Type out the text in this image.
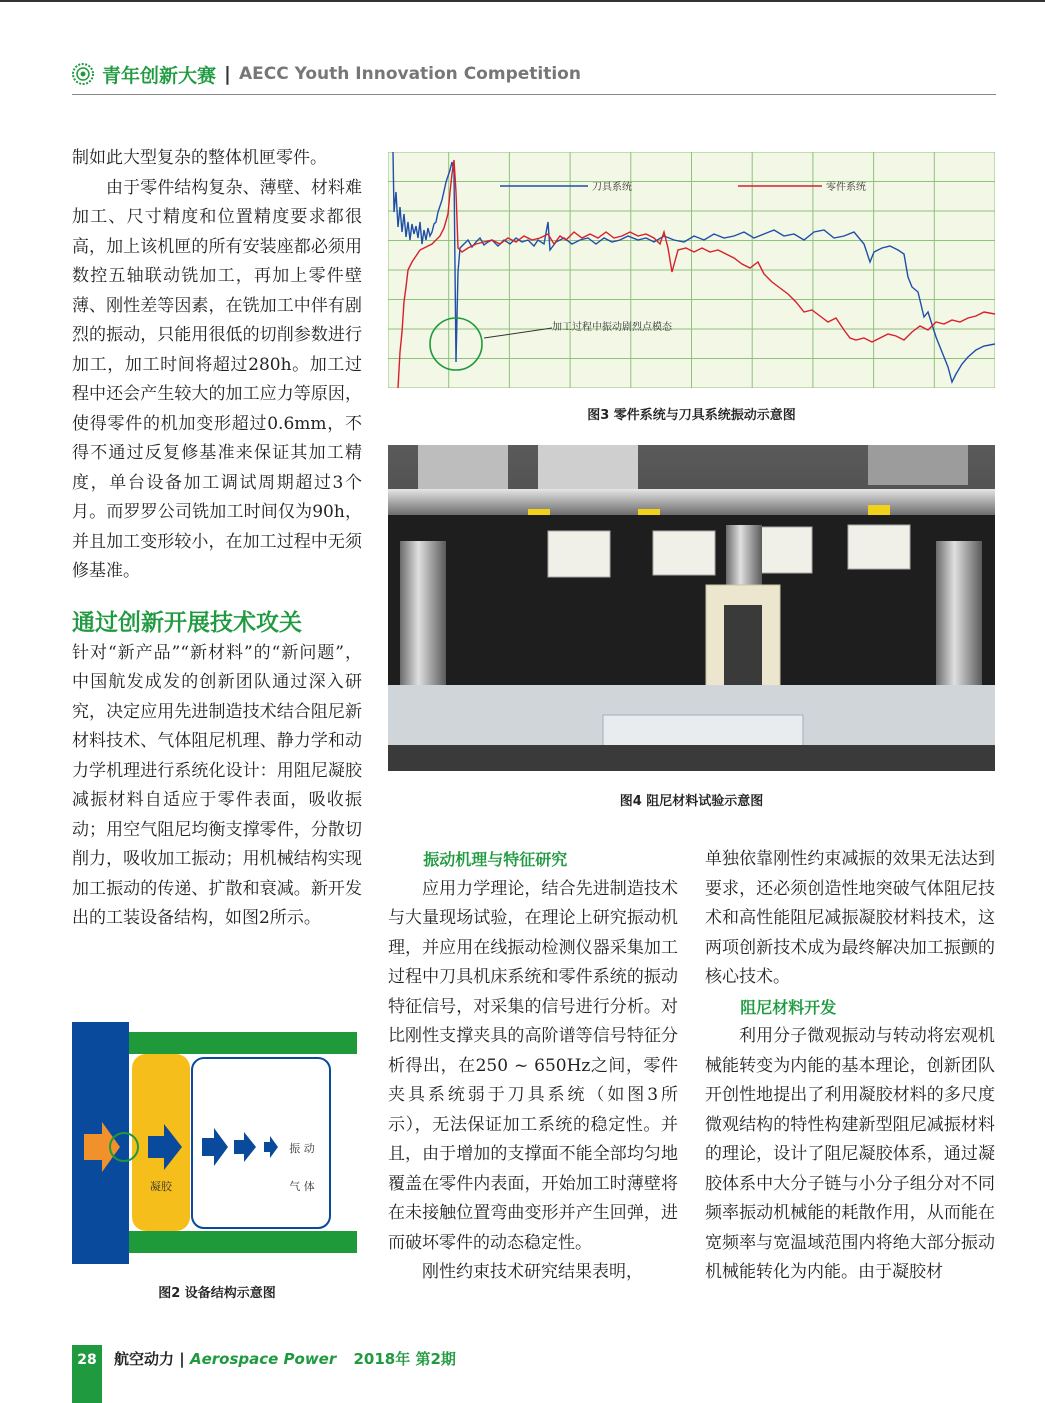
青年创新大赛 | AECC Youth Innovation Competition

制如此大型复杂的整体机匣零件。

由于零件结构复杂、薄壁、材料难加工、尺寸精度和位置精度要求都很高，加上该机匣的所有安装座都必须用数控五轴联动铣加工，再加上零件壁薄、刚性差等因素，在铣加工中伴有剧烈的振动，只能用很低的切削参数进行加工，加工时间将超过280h。加工过程中还会产生较大的加工应力等原因，使得零件的机加变形超过0.6mm，不得不通过反复修基准来保证其加工精度，单台设备加工调试周期超过3个月。而罗罗公司铣加工时间仅为90h，并且加工变形较小，在加工过程中无须修基准。

通过创新开展技术攻关

针对“新产品”“新材料”的“新问题”，中国航发成发的创新团队通过深入研究，决定应用先进制造技术结合阻尼新材料技术、气体阻尼机理、静力学和动力学机理进行系统化设计：用阻尼凝胶减振材料自适应于零件表面，吸收振动；用空气阻尼均衡支撑零件，分散切削力，吸收加工振动；用机械结构实现加工振动的传递、扩散和衰减。新开发出的工装设备结构，如图2所示。

凝胶
振 动
气 体
图2 设备结构示意图
刀具系统	零件系统
加工过程中振动剧烈点模态
图3 零件系统与刀具系统振动示意图
图4 阻尼材料试验示意图
振动机理与特征研究

应用力学理论，结合先进制造技术与大量现场试验，在理论上研究振动机理，并应用在线振动检测仪器采集加工过程中刀具机床系统和零件系统的振动特征信号，对采集的信号进行分析。对比刚性支撑夹具的高阶谱等信号特征分析得出，在250 ~ 650Hz之间，零件夹具系统弱于刀具系统（如图3所示），无法保证加工系统的稳定性。并且，由于增加的支撑面不能全部均匀地覆盖在零件内表面，开始加工时薄壁将在未接触位置弯曲变形并产生回弹，进而破坏零件的动态稳定性。

刚性约束技术研究结果表明，

单独依靠刚性约束减振的效果无法达到要求，还必须创造性地突破气体阻尼技术和高性能阻尼减振凝胶材料技术，这两项创新技术成为最终解决加工振颤的核心技术。

阻尼材料开发

利用分子微观振动与转动将宏观机械能转变为内能的基本理论，创新团队开创性地提出了利用凝胶材料的多尺度微观结构的特性构建新型阻尼减振材料的理论，设计了阻尼凝胶体系，通过凝胶体系中大分子链与小分子组分对不同频率振动机械能的耗散作用，从而能在宽频率与宽温域范围内将绝大部分振动机械能转化为内能。由于凝胶材

28	航空动力 | Aerospace Power 2018年 第2期
